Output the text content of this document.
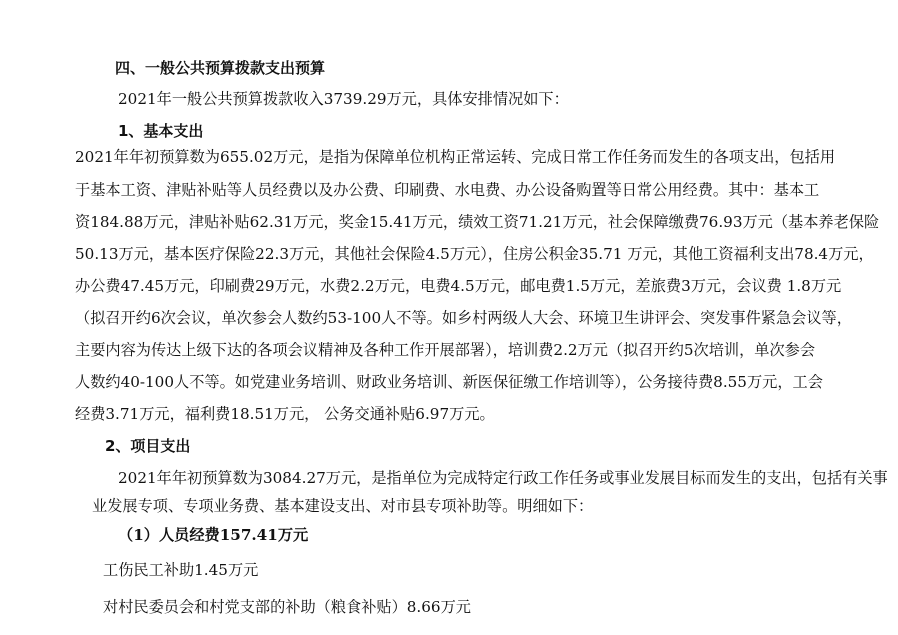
四、一般公共预算拨款支出预算
2021年一般公共预算拨款收入3739.29万元，具体安排情况如下：
1、基本支出
2021年年初预算数为655.02万元，是指为保障单位机构正常运转、完成日常工作任务而发生的各项支出，包括用
于基本工资、津贴补贴等人员经费以及办公费、印刷费、水电费、办公设备购置等日常公用经费。其中：基本工
资184.88万元，津贴补贴62.31万元，奖金15.41万元，绩效工资71.21万元，社会保障缴费76.93万元（基本养老保险
50.13万元，基本医疗保险22.3万元，其他社会保险4.5万元），住房公积金35.71 万元，其他工资福利支出78.4万元，
办公费47.45万元，印刷费29万元，水费2.2万元，电费4.5万元，邮电费1.5万元，差旅费3万元，会议费 1.8万元
（拟召开约6次会议，单次参会人数约53-100人不等。如乡村两级人大会、环境卫生讲评会、突发事件紧急会议等，
主要内容为传达上级下达的各项会议精神及各种工作开展部署），培训费2.2万元（拟召开约5次培训，单次参会
人数约40-100人不等。如党建业务培训、财政业务培训、新医保征缴工作培训等），公务接待费8.55万元，工会
经费3.71万元，福利费18.51万元， 公务交通补贴6.97万元。
2、项目支出
2021年年初预算数为3084.27万元，是指单位为完成特定行政工作任务或事业发展目标而发生的支出，包括有关事
业发展专项、专项业务费、基本建设支出、对市县专项补助等。明细如下：
（1）人员经费157.41万元
工伤民工补助1.45万元
对村民委员会和村党支部的补助（粮食补贴）8.66万元
